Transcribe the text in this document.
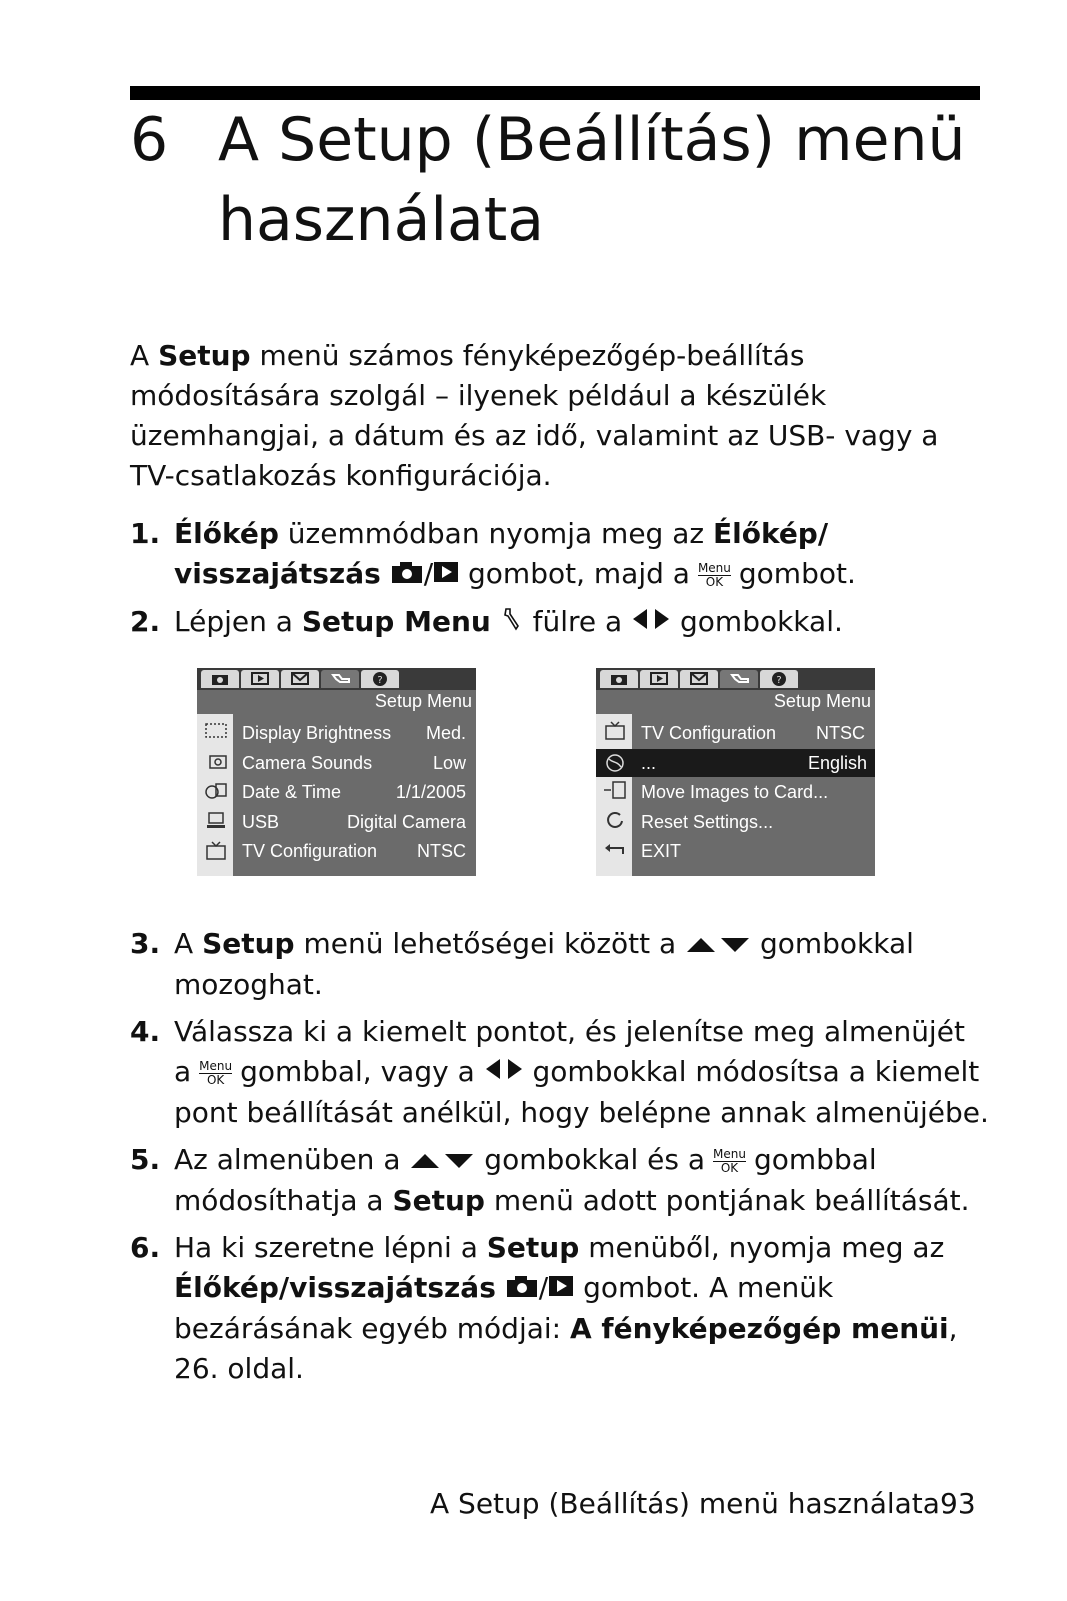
6 A Setup (Beállítás) menü
használata

A Setup menü számos fényképezőgép-beállítás módosítására szolgál – ilyenek például a készülék üzemhangjai, a dátum és az idő, valamint az USB- vagy a TV-csatlakozás konfigurációja.

1. Élőkép üzemmódban nyomja meg az Élőkép/ visszajátszás / gombot, majd a Menu
OK gombot.
2. Lépjen a Setup Menu  fülre a  gombokkal.
?
Setup Menu
Display Brightness Med.
Camera Sounds	Low
Date & Time	1/1/2005
USB	Digital Camera
TV Configuration NTSC
?
Setup Menu
TV Configuration NTSC
...	English
Move Images to Card...
Reset Settings...
EXIT
3. A Setup menü lehetőségei között a  gombokkal mozoghat.
4. Válassza ki a kiemelt pontot, és jelenítse meg almenüjét a Menu
OK gombbal, vagy a  gombokkal módosítsa a kiemelt pont beállítását anélkül, hogy belépne annak almenüjébe.
5. Az almenüben a  gombokkal és a Menu
OK gombbal módosíthatja a Setup menü adott pontjának beállítását.
6. Ha ki szeretne lépni a Setup menüből, nyomja meg az Élőkép/visszajátszás / gombot. A menük bezárásának egyéb módjai: A fényképezőgép menüi, 26. oldal.
A Setup (Beállítás) menü használata 93
